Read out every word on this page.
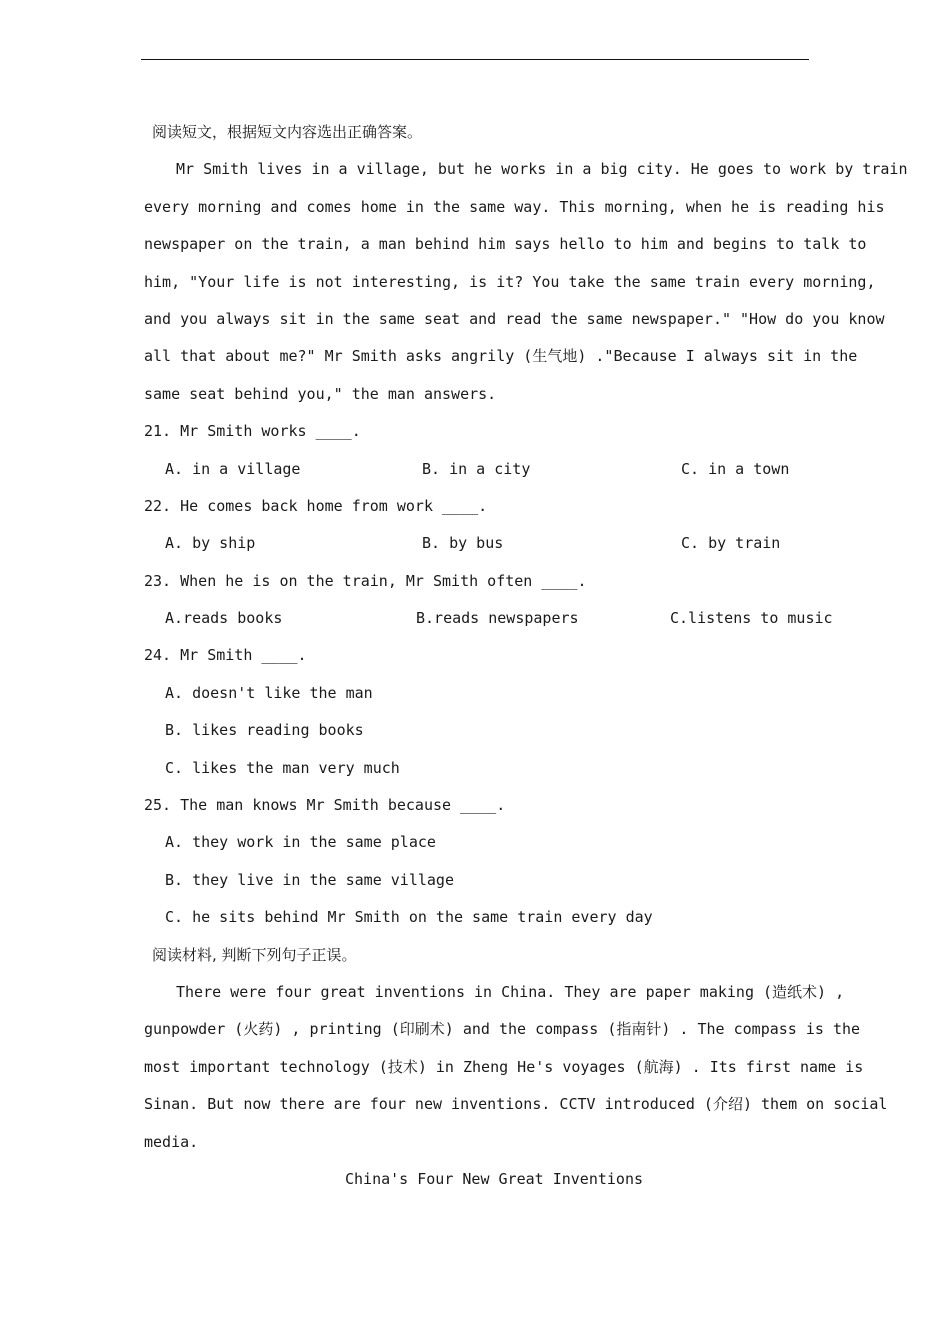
阅读短文，根据短文内容选出正确答案。
Mr Smith lives in a village, but he works in a big city. He goes to work by train
every morning and comes home in the same way. This morning, when he is reading his
newspaper on the train, a man behind him says hello to him and begins to talk to
him, "Your life is not interesting, is it? You take the same train every morning,
and you always sit in the same seat and read the same newspaper." "How do you know
all that about me?" Mr Smith asks angrily (生气地) ."Because I always sit in the
same seat behind you," the man answers.
21. Mr Smith works ____.
A. in a village	B. in a city	C. in a town
22. He comes back home from work ____.
A. by ship	B. by bus	C. by train
23. When he is on the train, Mr Smith often ____.
A.reads books	B.reads newspapers	C.listens to music
24. Mr Smith ____.
A. doesn't like the man
B. likes reading books
C. likes the man very much
25. The man knows Mr Smith because ____.
A. they work in the same place
B. they live in the same village
C. he sits behind Mr Smith on the same train every day
阅读材料, 判断下列句子正误。
There were four great inventions in China. They are paper making (造纸术) ,
gunpowder (火药) , printing (印刷术) and the compass (指南针) . The compass is the
most important technology (技术) in Zheng He's voyages (航海) . Its first name is
Sinan. But now there are four new inventions. CCTV introduced (介绍) them on social
media.
China's Four New Great Inventions
